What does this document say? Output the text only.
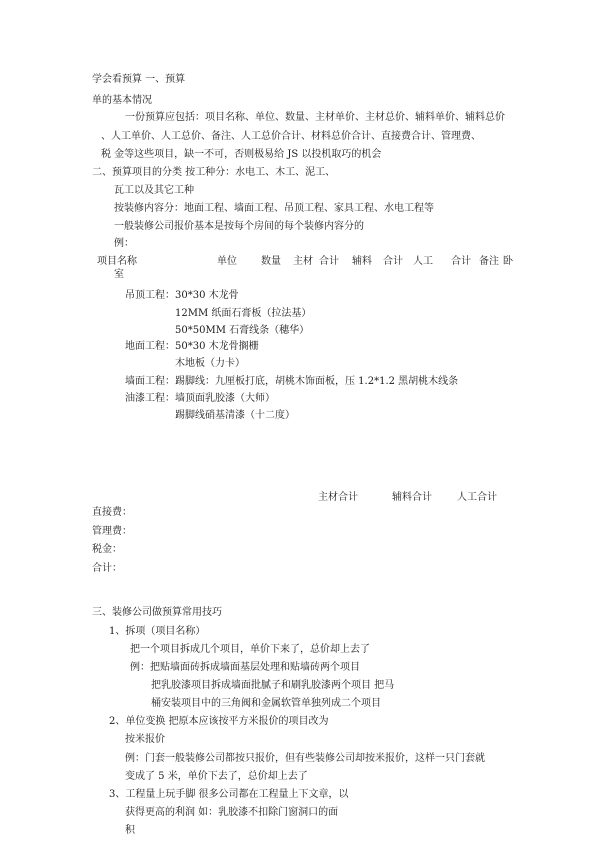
学会看预算 一、预算
单的基本情况
一份预算应包括：项目名称、单位、数量、主材单价、主材总价、辅料单价、辅料总价
、人工单价、人工总价、备注、人工总价合计、材料总价合计、直接费合计、管理费、
税 金等这些项目，缺一不可，否则极易给 JS 以投机取巧的机会
二、预算项目的分类 按工种分：水电工、木工、泥工、
瓦工以及其它工种
按装修内容分：地面工程、墙面工程、吊顶工程、家具工程、水电工程等
一般装修公司报价基本是按每个房间的每个装修内容分的
例：
项目名称	单位 数量 主材 合计 辅料 合计 人工 合计 备注 卧
室
吊顶工程： 30*30 木龙骨
12MM 纸面石膏板（拉法基）
50*50MM 石膏线条（穗华）
地面工程： 50*30 木龙骨搁栅
木地板（力卡）
墙面工程： 踢脚线：九厘板打底，胡桃木饰面板，压 1.2*1.2 黑胡桃木线条
油漆工程： 墙顶面乳胶漆（大师）
踢脚线硝基清漆（十二度）
主材合计	辅料合计	人工合计
直接费：
管理费：
税金：
合计：
三、装修公司做预算常用技巧
1、拆项（项目名称）
把一个项目拆成几个项目，单价下来了，总价却上去了
例：把贴墙面砖拆成墙面基层处理和贴墙砖两个项目
把乳胶漆项目拆成墙面批腻子和刷乳胶漆两个项目 把马
桶安装项目中的三角阀和金属软管单独列成二个项目
2、单位变换 把原本应该按平方米报价的项目改为
按米报价
例：门套一般装修公司都按只报价，但有些装修公司却按米报价，这样一只门套就
变成了 5 米，单价下去了，总价却上去了
3、工程量上玩手脚 很多公司都在工程量上下文章，以
获得更高的利润 如：乳胶漆不扣除门窗洞口的面
积
